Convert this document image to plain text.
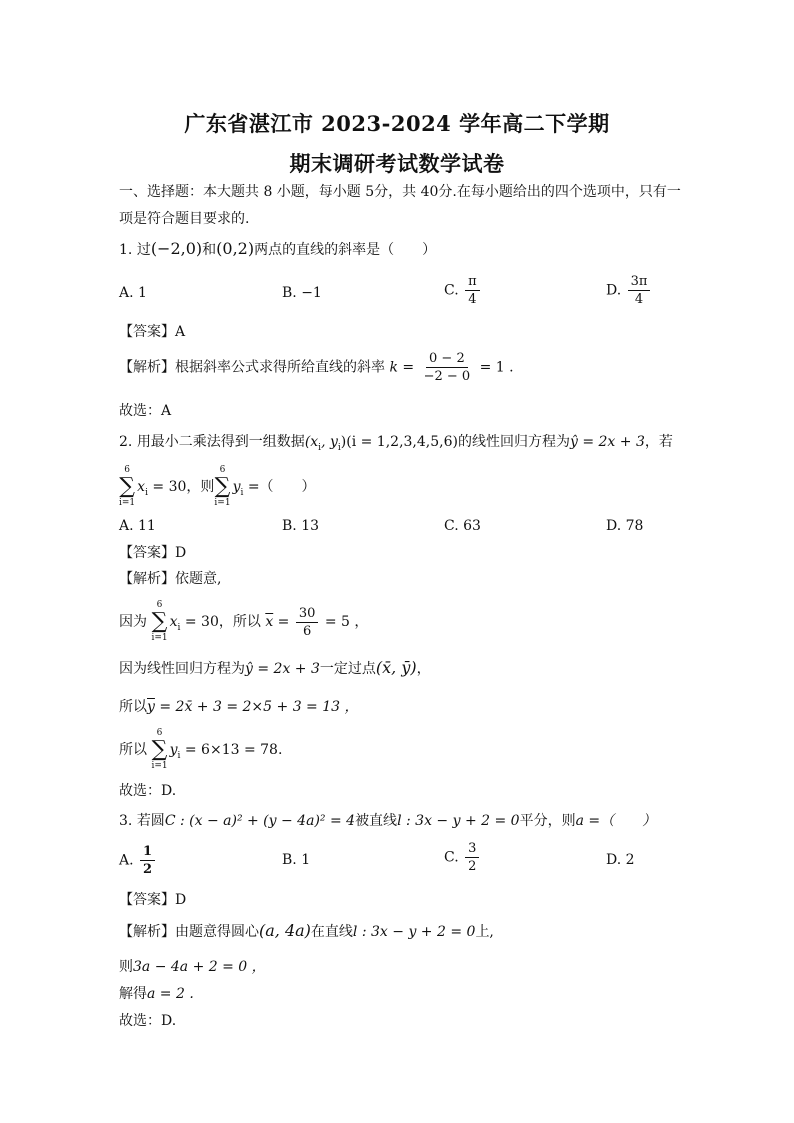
广东省湛江市 2023-2024 学年高二下学期
期末调研考试数学试卷
一、选择题：本大题共 8 小题，每小题 5分，共 40分.在每小题给出的四个选项中，只有一
项是符合题目要求的.
1. 过(−2,0)和(0,2)两点的直线的斜率是（　　）
A. 1	B. −1	C. $\frac{\pi}{4}$	D. $\frac{3\pi}{4}$
【答案】A
【解析】根据斜率公式求得所给直线的斜率 $k = \frac{0 - 2}{-2 - 0} = 1$ .
故选：A
2. 用最小二乘法得到一组数据($x_i$, $y_i)(i = 1,2,3,4,5,6)$的线性回归方程为ŷ = 2x + 3，若
6
∑
i=1
$x_i = 30$，则
6
∑
i=1
$y_i$ =（　　）
A. 11	B. 13	C. 63	D. 78
【答案】D
【解析】依题意,
因为
6
∑
i=1
$x_i = 30$，所以 $\overline{x} = \frac{30}{6} = 5$ ，
因为线性回归方程为ŷ = 2x + 3一定过点(x̄, ȳ)，
所以$\overline{y}$ = 2x̄ + 3 = 2×5 + 3 = 13 ，
所以
6
∑
i=1
$y_i = 6\times 13 = 78$.
故选：D.
3. 若圆C : (x − a)² + (y − 4a)² = 4被直线l : 3x − y + 2 = 0平分，则a =（　　）
A. $\frac{1}{2}$	B. 1	C. $\frac{3}{2}$	D. 2
【答案】D
【解析】由题意得圆心(a, 4a)在直线l : 3x − y + 2 = 0上,
则3a − 4a + 2 = 0 ，
解得a = 2 .
故选：D.
